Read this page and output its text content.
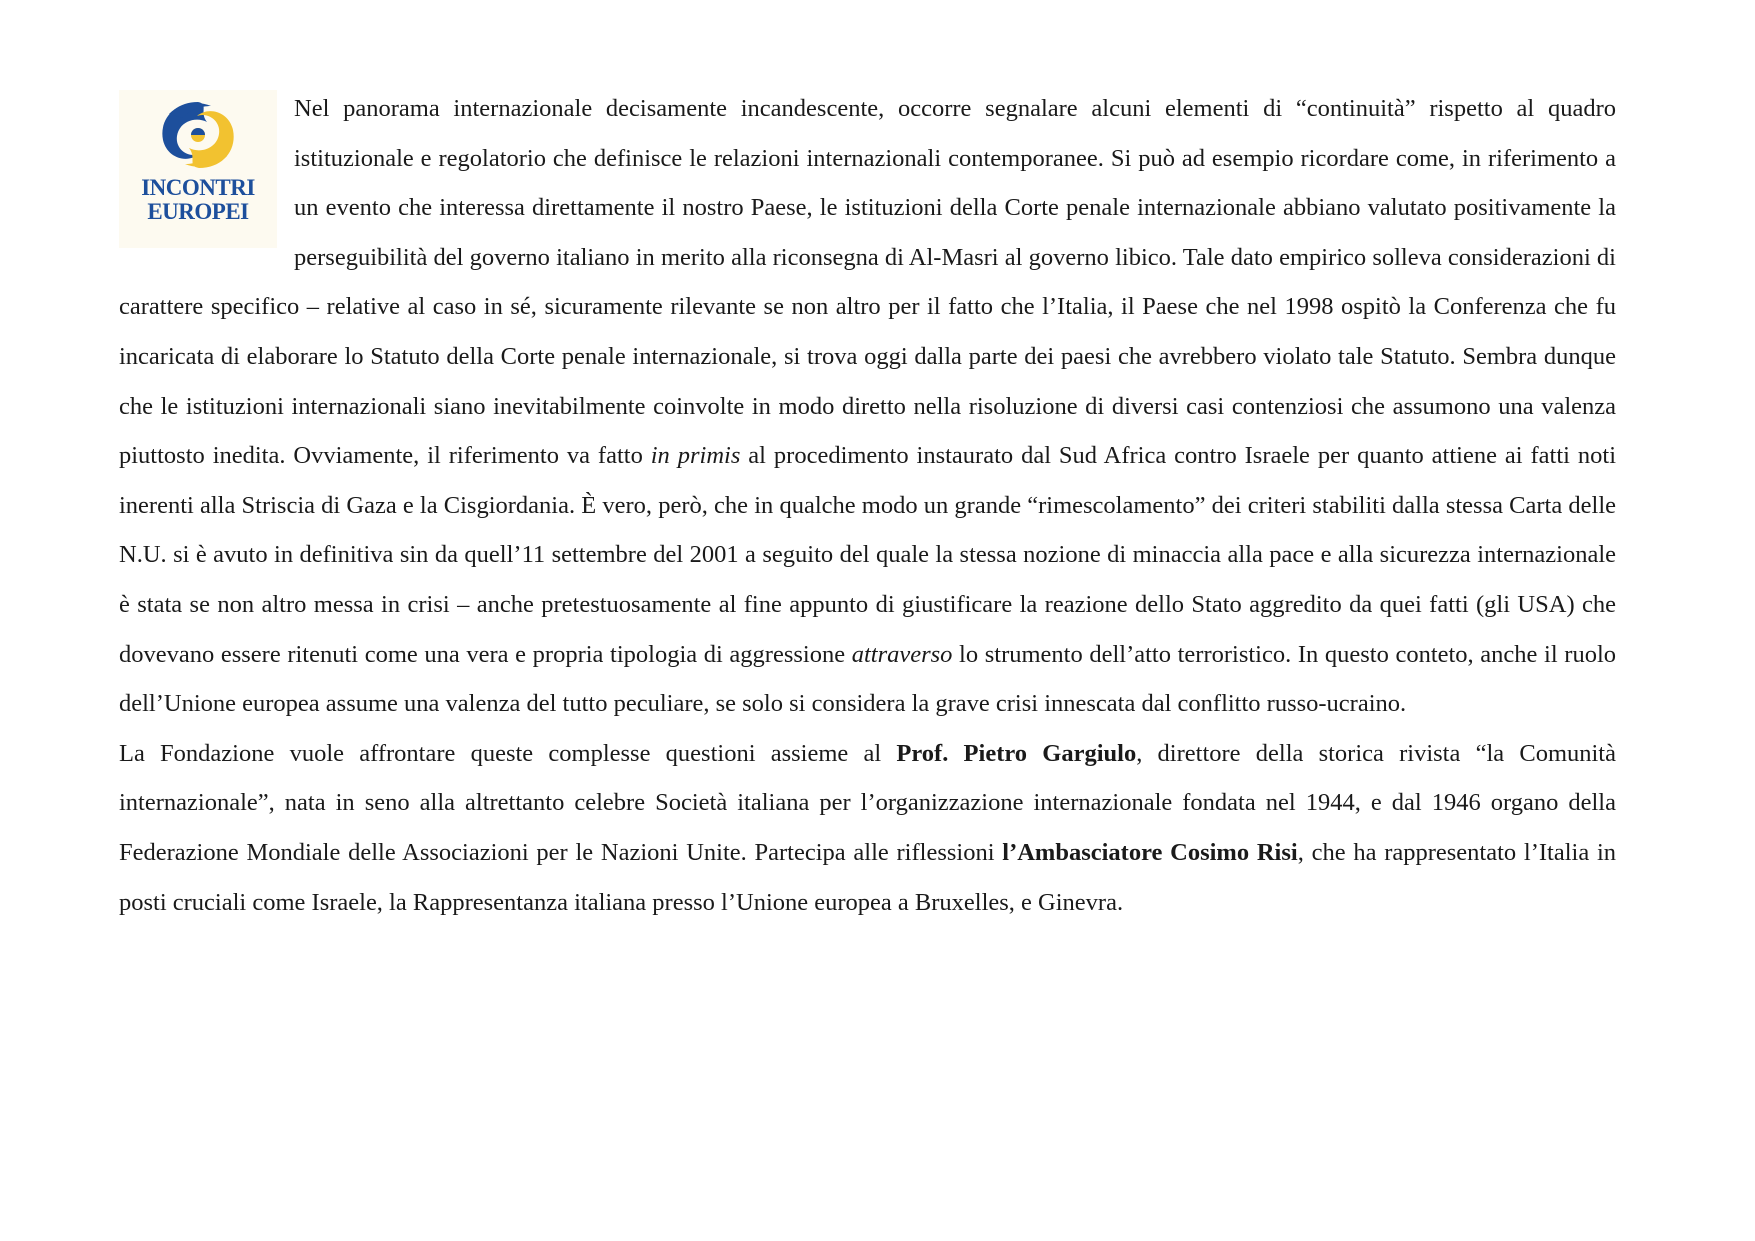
INCONTRI
EUROPEI

Nel panorama internazionale decisamente incandescente, occorre segnalare alcuni elementi di “continuità” rispetto al quadro istituzionale e regolatorio che definisce le relazioni internazionali contemporanee. Si può ad esempio ricordare come, in riferimento a un evento che interessa direttamente il nostro Paese, le istituzioni della Corte penale internazionale abbiano valutato positivamente la perseguibilità del governo italiano in merito alla riconsegna di Al-Masri al governo libico. Tale dato empirico solleva considerazioni di carattere specifico – relative al caso in sé, sicuramente rilevante se non altro per il fatto che l’Italia, il Paese che nel 1998 ospitò la Conferenza che fu incaricata di elaborare lo Statuto della Corte penale internazionale, si trova oggi dalla parte dei paesi che avrebbero violato tale Statuto. Sembra dunque che le istituzioni internazionali siano inevitabilmente coinvolte in modo diretto nella risoluzione di diversi casi contenziosi che assumono una valenza piuttosto inedita. Ovviamente, il riferimento va fatto in primis al procedimento instaurato dal Sud Africa contro Israele per quanto attiene ai fatti noti inerenti alla Striscia di Gaza e la Cisgiordania. È vero, però, che in qualche modo un grande “rimescolamento” dei criteri stabiliti dalla stessa Carta delle N.U. si è avuto in definitiva sin da quell’11 settembre del 2001 a seguito del quale la stessa nozione di minaccia alla pace e alla sicurezza internazionale è stata se non altro messa in crisi – anche pretestuosamente al fine appunto di giustificare la reazione dello Stato aggredito da quei fatti (gli USA) che dovevano essere ritenuti come una vera e propria tipologia di aggressione attraverso lo strumento dell’atto terroristico. In questo conteto, anche il ruolo dell’Unione europea assume una valenza del tutto peculiare, se solo si considera la grave crisi innescata dal conflitto russo-ucraino.

La Fondazione vuole affrontare queste complesse questioni assieme al Prof. Pietro Gargiulo, direttore della storica rivista “la Comunità internazionale”, nata in seno alla altrettanto celebre Società italiana per l’organizzazione internazionale fondata nel 1944, e dal 1946 organo della Federazione Mondiale delle Associazioni per le Nazioni Unite. Partecipa alle riflessioni l’Ambasciatore Cosimo Risi, che ha rappresentato l’Italia in posti cruciali come Israele, la Rappresentanza italiana presso l’Unione europea a Bruxelles, e Ginevra.
